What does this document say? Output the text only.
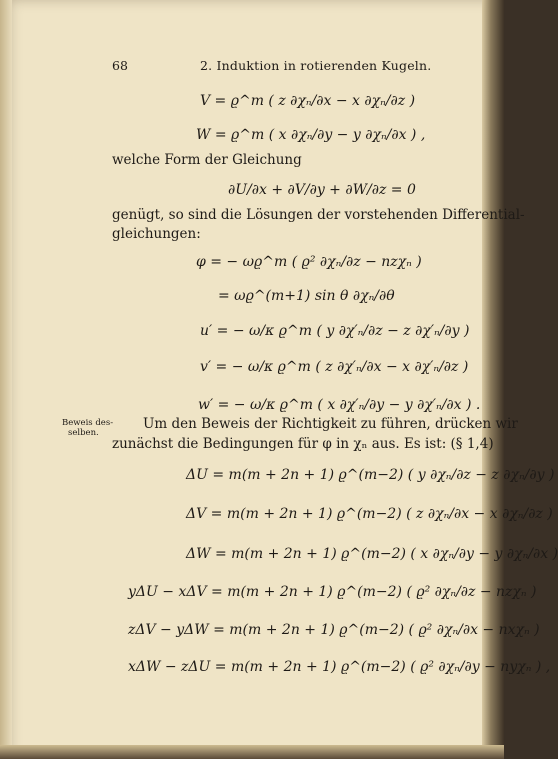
68	2. Induktion in rotierenden Kugeln.
V = ϱ^m ( z ∂χₙ/∂x − x ∂χₙ/∂z )
W = ϱ^m ( x ∂χₙ/∂y − y ∂χₙ/∂x ) ,
welche Form der Gleichung
∂U/∂x + ∂V/∂y + ∂W/∂z = 0
genügt, so sind die Lösungen der vorstehenden Differential-
gleichungen:
φ = − ωϱ^m ( ϱ² ∂χₙ/∂z − nzχₙ )
= ωϱ^(m+1) sin θ ∂χₙ/∂θ
u′ = − ω/κ ϱ^m ( y ∂χ′ₙ/∂z − z ∂χ′ₙ/∂y )
v′ = − ω/κ ϱ^m ( z ∂χ′ₙ/∂x − x ∂χ′ₙ/∂z )
w′ = − ω/κ ϱ^m ( x ∂χ′ₙ/∂y − y ∂χ′ₙ/∂x ) .
Beweis des-
selben.
Um den Beweis der Richtigkeit zu führen, drücken wir
zunächst die Bedingungen für φ in χₙ aus. Es ist: (§ 1,4)
ΔU = m(m + 2n + 1) ϱ^(m−2) ( y ∂χₙ/∂z − z ∂χₙ/∂y )
ΔV = m(m + 2n + 1) ϱ^(m−2) ( z ∂χₙ/∂x − x ∂χₙ/∂z )
ΔW = m(m + 2n + 1) ϱ^(m−2) ( x ∂χₙ/∂y − y ∂χₙ/∂x )
yΔU − xΔV = m(m + 2n + 1) ϱ^(m−2) ( ϱ² ∂χₙ/∂z − nzχₙ )
zΔV − yΔW = m(m + 2n + 1) ϱ^(m−2) ( ϱ² ∂χₙ/∂x − nxχₙ )
xΔW − zΔU = m(m + 2n + 1) ϱ^(m−2) ( ϱ² ∂χₙ/∂y − nyχₙ ) ,
